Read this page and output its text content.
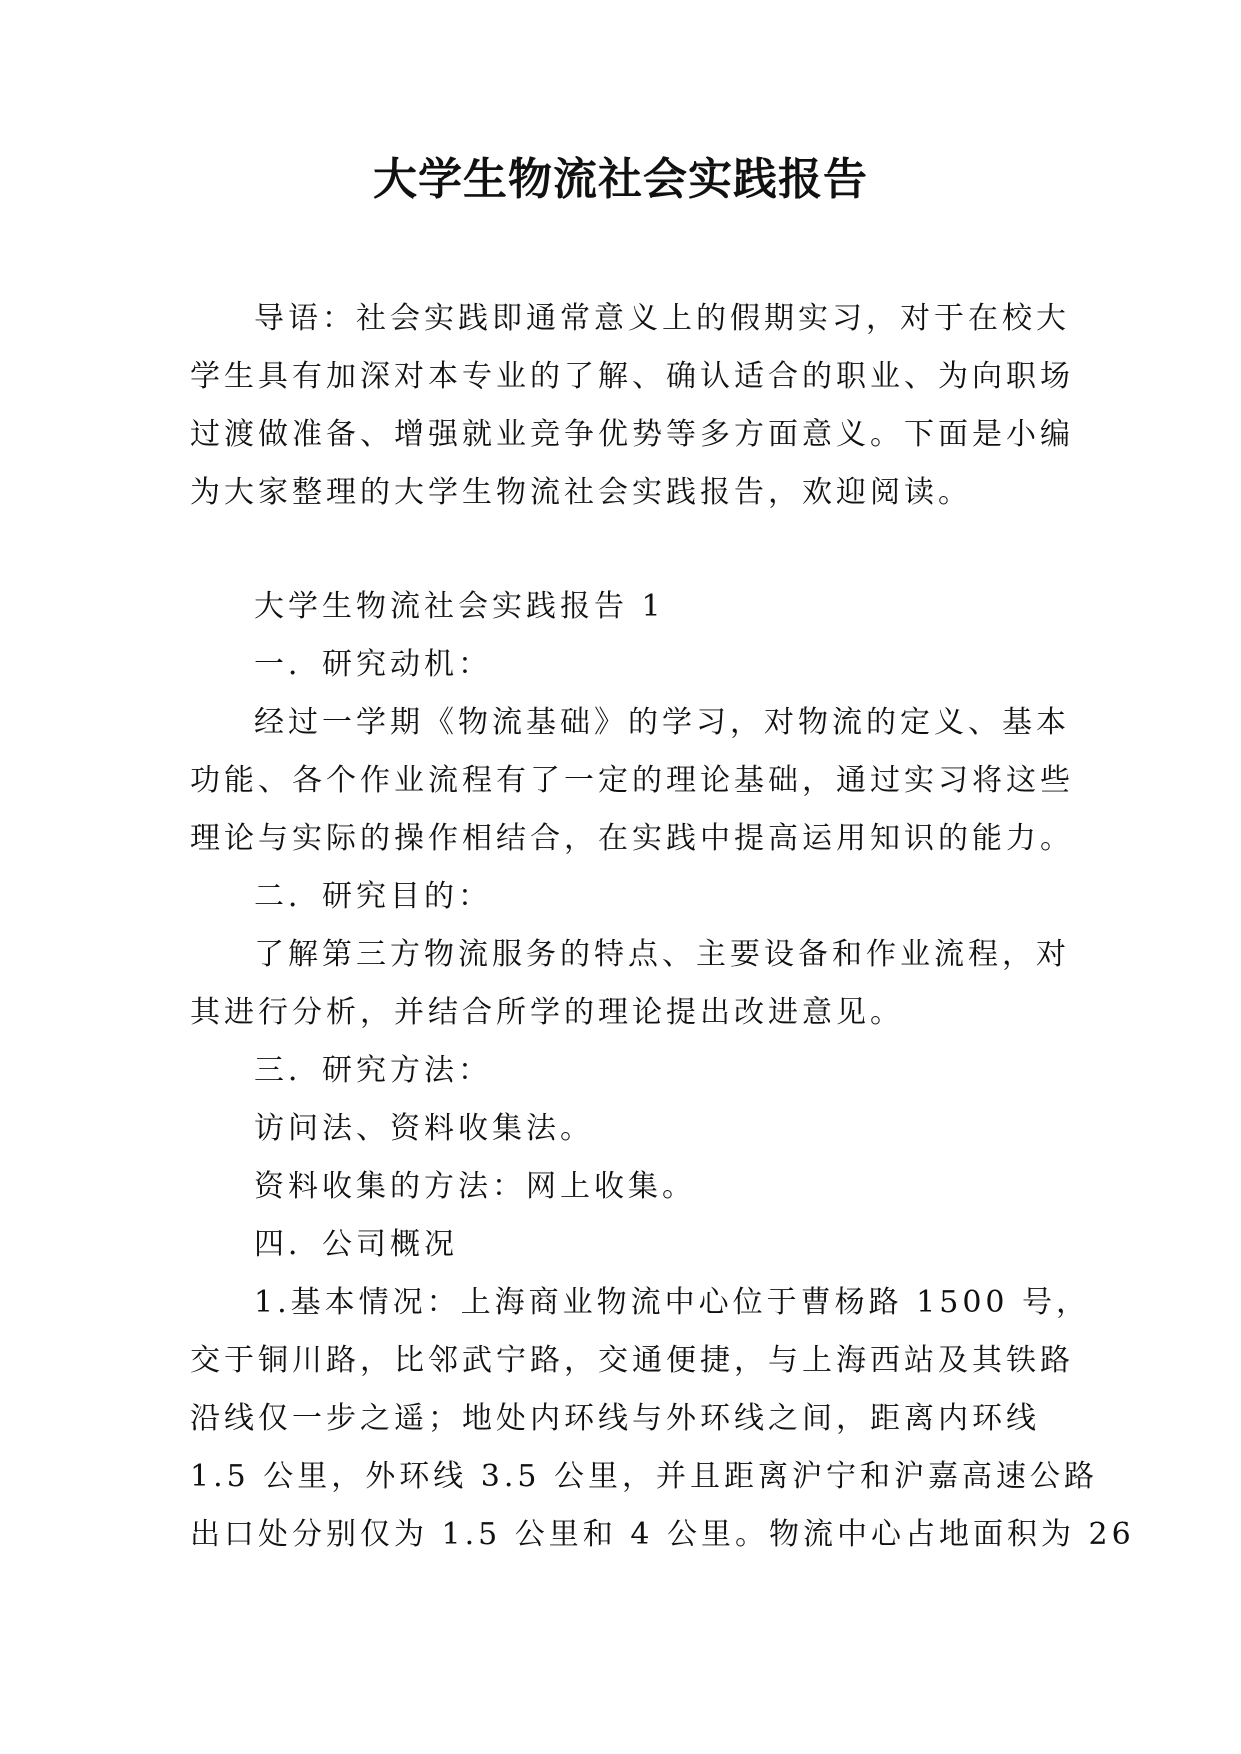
大学生物流社会实践报告
导语：社会实践即通常意义上的假期实习，对于在校大
学生具有加深对本专业的了解、确认适合的职业、为向职场
过渡做准备、增强就业竞争优势等多方面意义。下面是小编
为大家整理的大学生物流社会实践报告，欢迎阅读。
大学生物流社会实践报告 1
一．研究动机：
经过一学期《物流基础》的学习，对物流的定义、基本
功能、各个作业流程有了一定的理论基础，通过实习将这些
理论与实际的操作相结合，在实践中提高运用知识的能力。
二．研究目的：
了解第三方物流服务的特点、主要设备和作业流程，对
其进行分析，并结合所学的理论提出改进意见。
三．研究方法：
访问法、资料收集法。
资料收集的方法：网上收集。
四．公司概况
1.基本情况：上海商业物流中心位于曹杨路 1500 号，
交于铜川路，比邻武宁路，交通便捷，与上海西站及其铁路
沿线仅一步之遥；地处内环线与外环线之间，距离内环线
1.5 公里，外环线 3.5 公里，并且距离沪宁和沪嘉高速公路
出口处分别仅为 1.5 公里和 4 公里。物流中心占地面积为 26
